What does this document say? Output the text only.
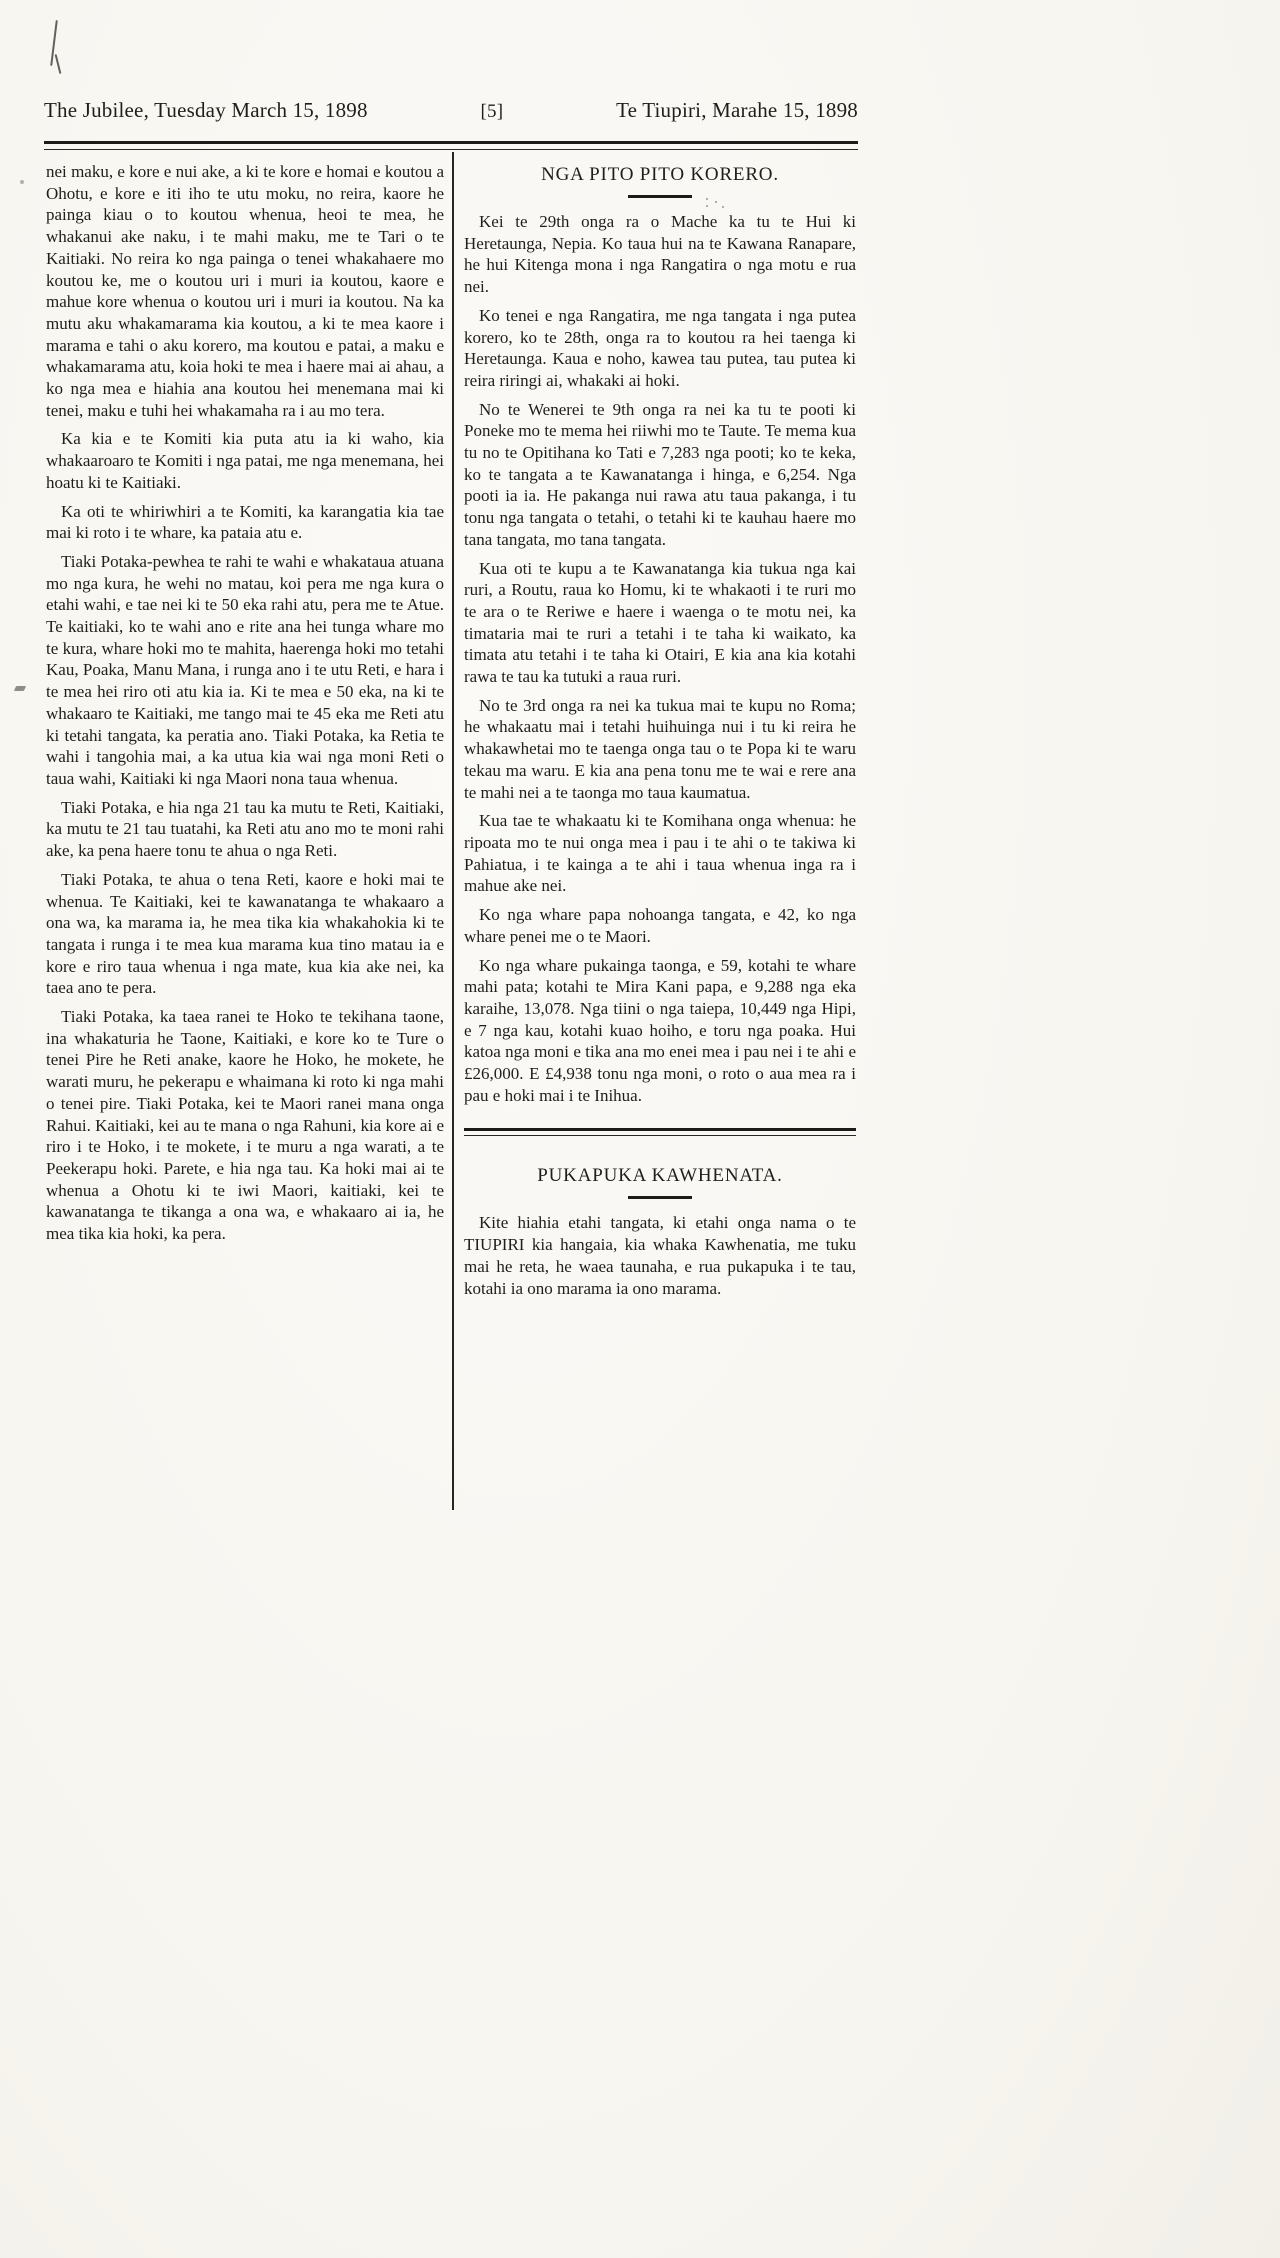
The Jubilee, Tuesday March 15, 1898	[5]	Te Tiupiri, Marahe 15, 1898

nei maku, e kore e nui ake, a ki te kore e homai e koutou a Ohotu, e kore e iti iho te utu moku, no reira, kaore he painga kiau o to koutou whenua, heoi te mea, he whakanui ake naku, i te mahi maku, me te Tari o te Kaitiaki. No reira ko nga painga o tenei whakahaere mo koutou ke, me o koutou uri i muri ia koutou, kaore e mahue kore whenua o koutou uri i muri ia koutou. Na ka mutu aku whakamarama kia koutou, a ki te mea kaore i marama e tahi o aku korero, ma koutou e patai, a maku e whakamarama atu, koia hoki te mea i haere mai ai ahau, a ko nga mea e hiahia ana koutou hei menemana mai ki tenei, maku e tuhi hei whakamaha ra i au mo tera.

Ka kia e te Komiti kia puta atu ia ki waho, kia whakaaroaro te Komiti i nga patai, me nga menemana, hei hoatu ki te Kaitiaki.

Ka oti te whiriwhiri a te Komiti, ka karangatia kia tae mai ki roto i te whare, ka pataia atu e.

Tiaki Potaka-pewhea te rahi te wahi e whakataua atuana mo nga kura, he wehi no matau, koi pera me nga kura o etahi wahi, e tae nei ki te 50 eka rahi atu, pera me te Atue. Te kaitiaki, ko te wahi ano e rite ana hei tunga whare mo te kura, whare hoki mo te mahita, haerenga hoki mo tetahi Kau, Poaka, Manu Mana, i runga ano i te utu Reti, e hara i te mea hei riro oti atu kia ia. Ki te mea e 50 eka, na ki te whakaaro te Kaitiaki, me tango mai te 45 eka me Reti atu ki tetahi tangata, ka peratia ano. Tiaki Potaka, ka Retia te wahi i tangohia mai, a ka utua kia wai nga moni Reti o taua wahi, Kaitiaki ki nga Maori nona taua whenua.

Tiaki Potaka, e hia nga 21 tau ka mutu te Reti, Kaitiaki, ka mutu te 21 tau tuatahi, ka Reti atu ano mo te moni rahi ake, ka pena haere tonu te ahua o nga Reti.

Tiaki Potaka, te ahua o tena Reti, kaore e hoki mai te whenua. Te Kaitiaki, kei te kawanatanga te whakaaro a ona wa, ka marama ia, he mea tika kia whakahokia ki te tangata i runga i te mea kua marama kua tino matau ia e kore e riro taua whenua i nga mate, kua kia ake nei, ka taea ano te pera.

Tiaki Potaka, ka taea ranei te Hoko te tekihana taone, ina whakaturia he Taone, Kaitiaki, e kore ko te Ture o tenei Pire he Reti anake, kaore he Hoko, he mokete, he warati muru, he pekerapu e whaimana ki roto ki nga mahi o tenei pire. Tiaki Potaka, kei te Maori ranei mana onga Rahui. Kaitiaki, kei au te mana o nga Rahuni, kia kore ai e riro i te Hoko, i te mokete, i te muru a nga warati, a te Peekerapu hoki. Parete, e hia nga tau. Ka hoki mai ai te whenua a Ohotu ki te iwi Maori, kaitiaki, kei te kawanatanga te tikanga a ona wa, e whakaaro ai ia, he mea tika kia hoki, ka pera.

NGA PITO PITO KORERO.

Kei te 29th onga ra o Mache ka tu te Hui ki Heretaunga, Nepia. Ko taua hui na te Kawana Ranapare, he hui Kitenga mona i nga Rangatira o nga motu e rua nei.

Ko tenei e nga Rangatira, me nga tangata i nga putea korero, ko te 28th, onga ra to koutou ra hei taenga ki Heretaunga. Kaua e noho, kawea tau putea, tau putea ki reira riringi ai, whakaki ai hoki.

No te Wenerei te 9th onga ra nei ka tu te pooti ki Poneke mo te mema hei riiwhi mo te Taute. Te mema kua tu no te Opitihana ko Tati e 7,283 nga pooti; ko te keka, ko te tangata a te Kawanatanga i hinga, e 6,254. Nga pooti ia ia. He pakanga nui rawa atu taua pakanga, i tu tonu nga tangata o tetahi, o tetahi ki te kauhau haere mo tana tangata, mo tana tangata.

Kua oti te kupu a te Kawanatanga kia tukua nga kai ruri, a Routu, raua ko Homu, ki te whakaoti i te ruri mo te ara o te Reriwe e haere i waenga o te motu nei, ka timataria mai te ruri a tetahi i te taha ki waikato, ka timata atu tetahi i te taha ki Otairi, E kia ana kia kotahi rawa te tau ka tutuki a raua ruri.

No te 3rd onga ra nei ka tukua mai te kupu no Roma; he whakaatu mai i tetahi huihuinga nui i tu ki reira he whakawhetai mo te taenga onga tau o te Popa ki te waru tekau ma waru. E kia ana pena tonu me te wai e rere ana te mahi nei a te taonga mo taua kaumatua.

Kua tae te whakaatu ki te Komihana onga whenua: he ripoata mo te nui onga mea i pau i te ahi o te takiwa ki Pahiatua, i te kainga a te ahi i taua whenua inga ra i mahue ake nei.

Ko nga whare papa nohoanga tangata, e 42, ko nga whare penei me o te Maori.

Ko nga whare pukainga taonga, e 59, kotahi te whare mahi pata; kotahi te Mira Kani papa, e 9,288 nga eka karaihe, 13,078. Nga tiini o nga taiepa, 10,449 nga Hipi, e 7 nga kau, kotahi kuao hoiho, e toru nga poaka. Hui katoa nga moni e tika ana mo enei mea i pau nei i te ahi e £26,000. E £4,938 tonu nga moni, o roto o aua mea ra i pau e hoki mai i te Inihua.

PUKAPUKA KAWHENATA.

Kite hiahia etahi tangata, ki etahi onga nama o te TIUPIRI kia hangaia, kia whaka Kawhenatia, me tuku mai he reta, he waea taunaha, e rua pukapuka i te tau, kotahi ia ono marama ia ono marama.
